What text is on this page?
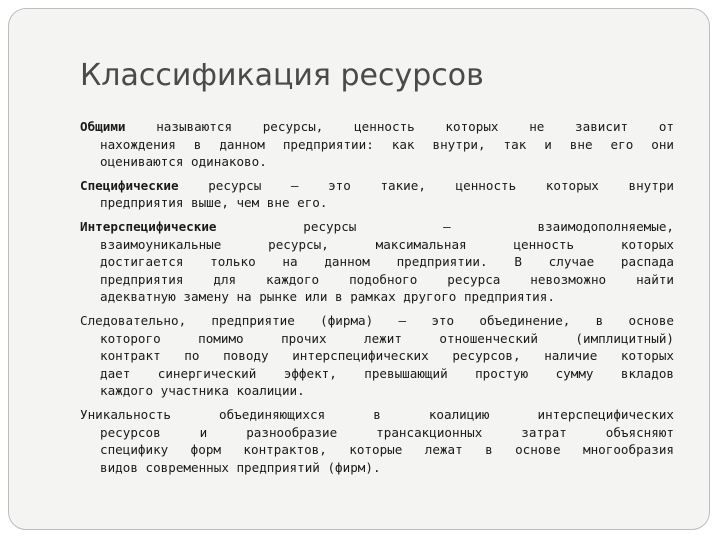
Классификация ресурсов

Общими называются ресурсы, ценность которых не зависит от
нахождения в данном предприятии: как внутри, так и вне его они
оцениваются одинаково.

Специфические ресурсы – это такие, ценность которых внутри
предприятия выше, чем вне его.

Интерспецифические	ресурсы – взаимодополняемые,
взаимоуникальные ресурсы, максимальная ценность которых
достигается только на данном предприятии. В случае распада
предприятия для каждого подобного ресурса невозможно найти
адекватную замену на рынке или в рамках другого предприятия.

Следовательно, предприятие (фирма) – это объединение, в основе
которого помимо прочих лежит отношенческий (имплицитный)
контракт по поводу интерспецифических ресурсов, наличие которых
дает синергический эффект, превышающий простую сумму вкладов
каждого участника коалиции.

Уникальность объединяющихся в коалицию интерспецифических
ресурсов и разнообразие трансакционных затрат объясняют
специфику форм контрактов, которые лежат в основе многообразия
видов современных предприятий (фирм).
